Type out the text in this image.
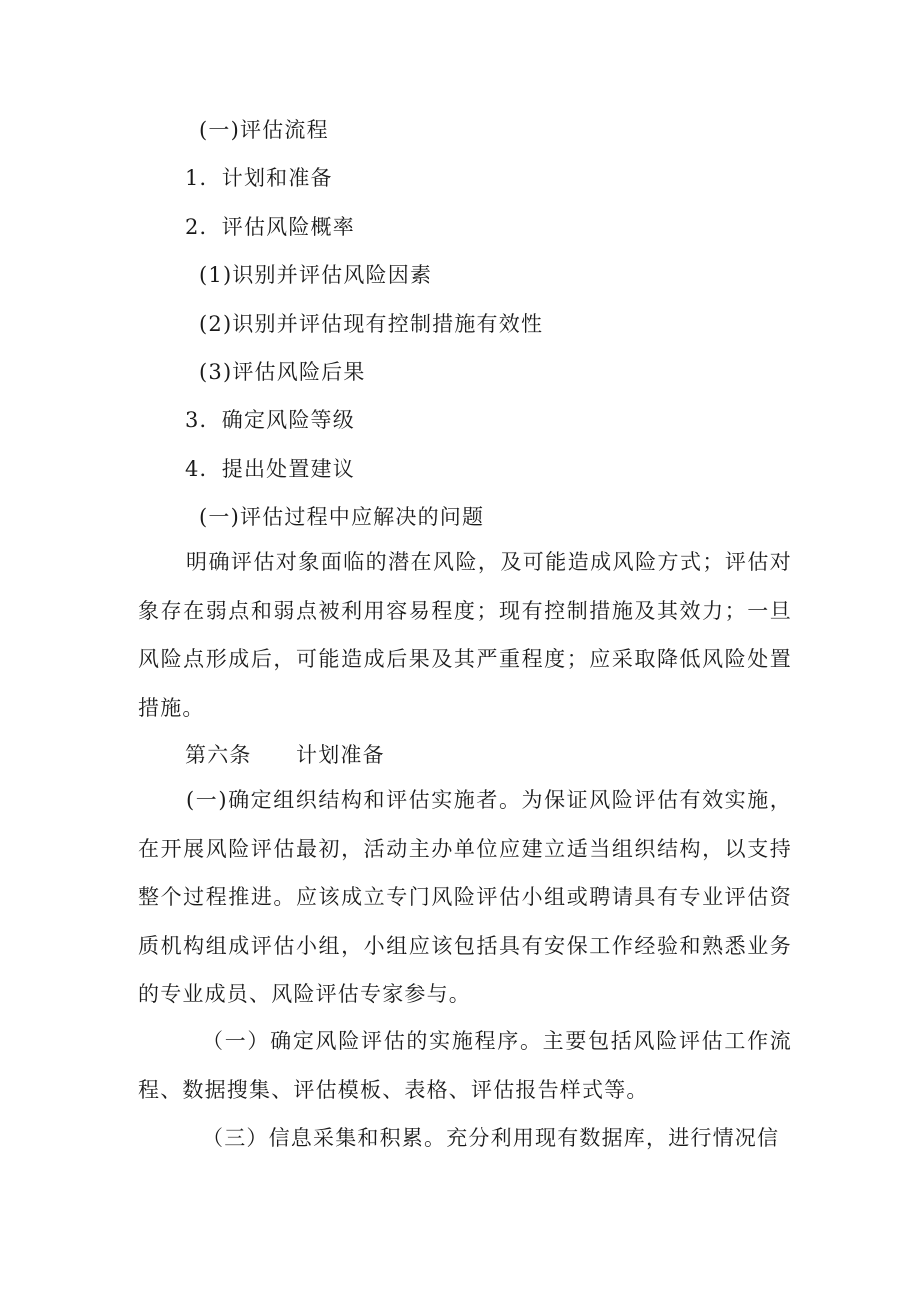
(一)评估流程
1．计划和准备
2．评估风险概率
(1)识别并评估风险因素
(2)识别并评估现有控制措施有效性
(3)评估风险后果
3．确定风险等级
4．提出处置建议
(一)评估过程中应解决的问题
明确评估对象面临的潜在风险，及可能造成风险方式；评估对象存在弱点和弱点被利用容易程度；现有控制措施及其效力；一旦风险点形成后，可能造成后果及其严重程度；应采取降低风险处置措施。
第六条　　计划准备
(一)确定组织结构和评估实施者。为保证风险评估有效实施，在开展风险评估最初，活动主办单位应建立适当组织结构，以支持整个过程推进。应该成立专门风险评估小组或聘请具有专业评估资质机构组成评估小组，小组应该包括具有安保工作经验和熟悉业务的专业成员、风险评估专家参与。
（一）确定风险评估的实施程序。主要包括风险评估工作流程、数据搜集、评估模板、表格、评估报告样式等。
（三）信息采集和积累。充分利用现有数据库，进行情况信
